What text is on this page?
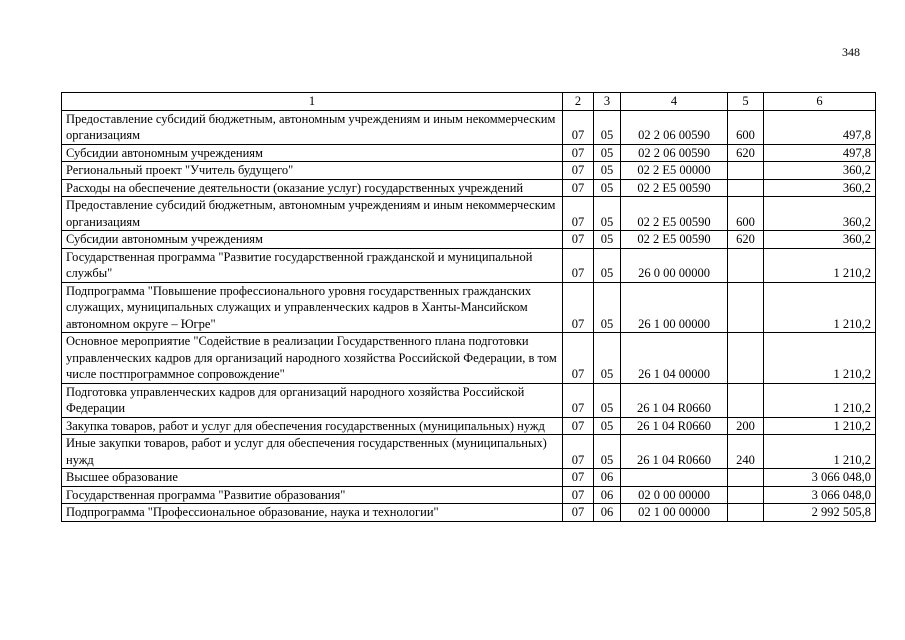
348
1	2	3	4	5	6
Предоставление субсидий бюджетным, автономным учреждениям и иным некоммерческим организациям	07	05	02 2 06 00590	600	497,8
Субсидии автономным учреждениям	07	05	02 2 06 00590	620	497,8
Региональный проект "Учитель будущего"	07	05	02 2 E5 00000		360,2
Расходы на обеспечение деятельности (оказание услуг) государственных учреждений	07	05	02 2 E5 00590		360,2
Предоставление субсидий бюджетным, автономным учреждениям и иным некоммерческим организациям	07	05	02 2 E5 00590	600	360,2
Субсидии автономным учреждениям	07	05	02 2 E5 00590	620	360,2
Государственная программа "Развитие государственной гражданской и муниципальной службы"	07	05	26 0 00 00000		1 210,2
Подпрограмма "Повышение профессионального уровня государственных гражданских служащих, муниципальных служащих и управленческих кадров в Ханты-Мансийском автономном округе – Югре"	07	05	26 1 00 00000		1 210,2
Основное мероприятие "Содействие в реализации Государственного плана подготовки управленческих кадров для организаций народного хозяйства Российской Федерации, в том числе постпрограммное сопровождение"	07	05	26 1 04 00000		1 210,2
Подготовка управленческих кадров для организаций народного хозяйства Российской Федерации	07	05	26 1 04 R0660		1 210,2
Закупка товаров, работ и услуг для обеспечения государственных (муниципальных) нужд	07	05	26 1 04 R0660	200	1 210,2
Иные закупки товаров, работ и услуг для обеспечения государственных (муниципальных) нужд	07	05	26 1 04 R0660	240	1 210,2
Высшее образование	07	06			3 066 048,0
Государственная программа "Развитие образования"	07	06	02 0 00 00000		3 066 048,0
Подпрограмма "Профессиональное образование, наука и технологии"	07	06	02 1 00 00000		2 992 505,8
